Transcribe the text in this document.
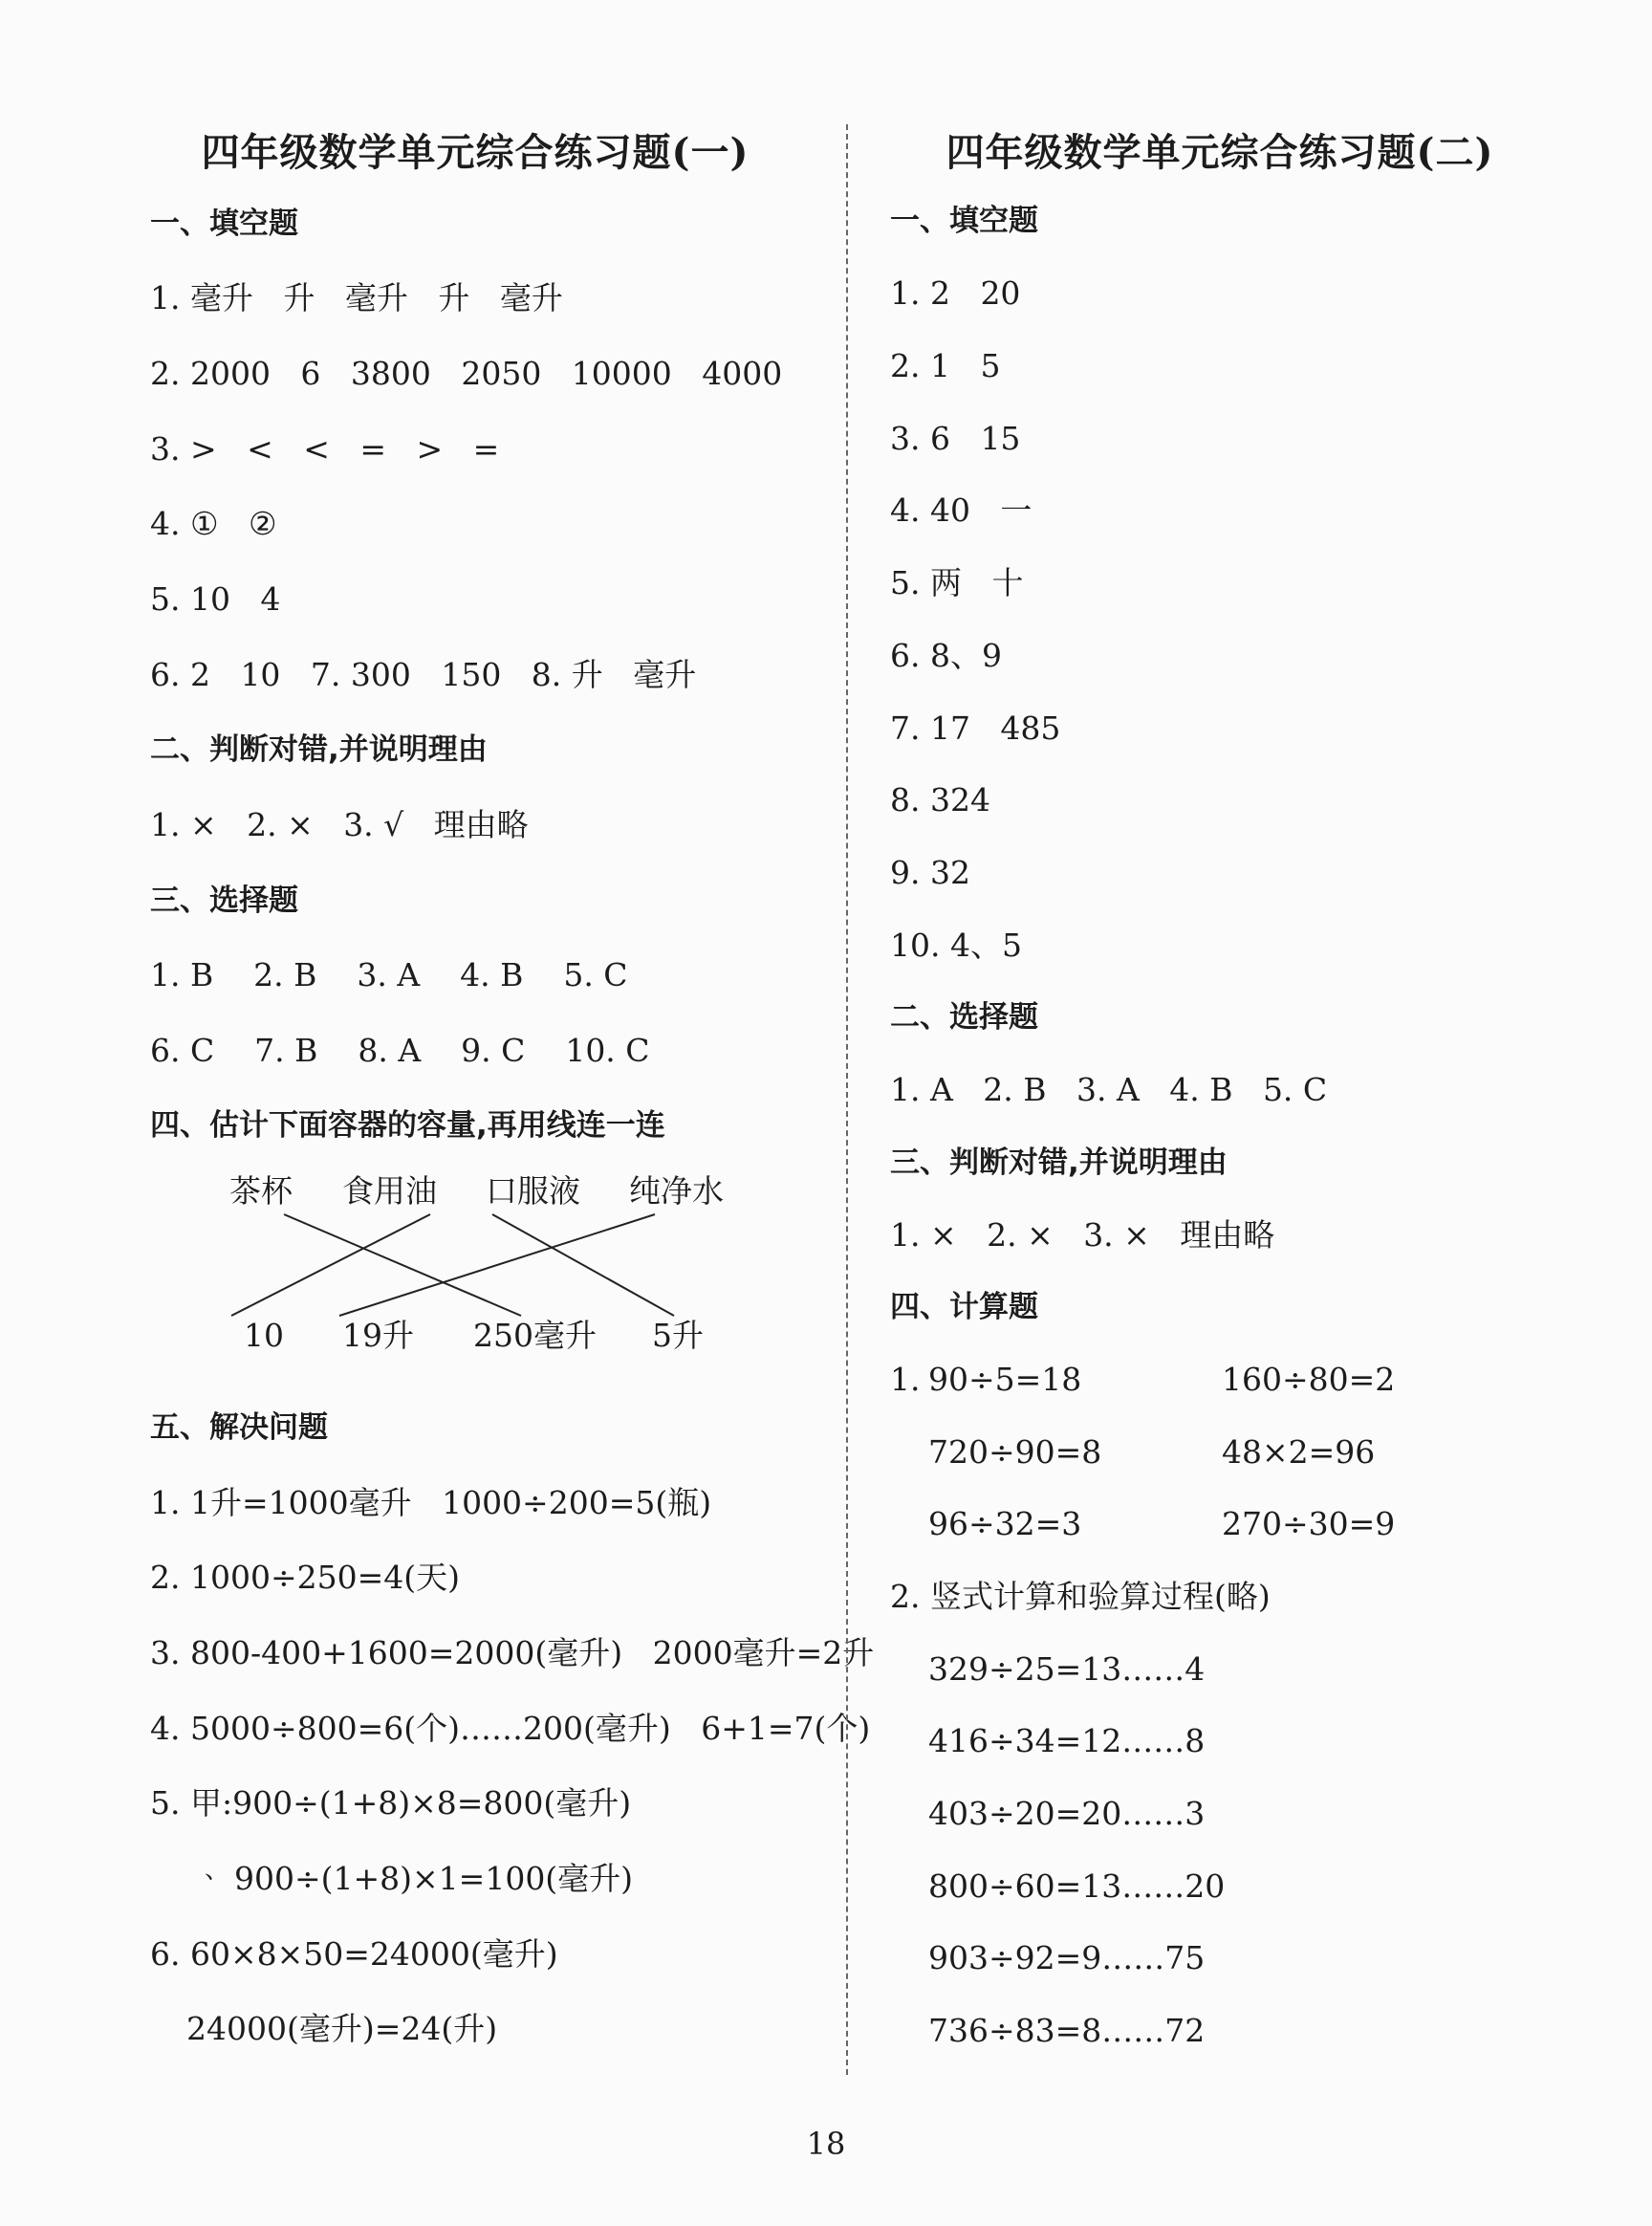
四年级数学单元综合练习题(一)
一、填空题
1. 毫升   升   毫升   升   毫升
2. 2000   6   3800   2050   10000   4000
3. >   <   <   =   >   =
4. ①   ②
5. 10   4
6. 2   10   7. 300   150   8. 升   毫升
二、判断对错,并说明理由
1. ×   2. ×   3. √   理由略
三、选择题
1. B    2. B    3. A    4. B    5. C
6. C    7. B    8. A    9. C    10. C
四、估计下面容器的容量,再用线连一连
五、解决问题
1. 1升=1000毫升   1000÷200=5(瓶)
2. 1000÷250=4(天)
3. 800-400+1600=2000(毫升)   2000毫升=2升
4. 5000÷800=6(个)……200(毫升)   6+1=7(个)
5. 甲:900÷(1+8)×8=800(毫升)
、 900÷(1+8)×1=100(毫升)
6. 60×8×50=24000(毫升)
24000(毫升)=24(升)
茶杯 食用油 口服液 纯净水
10 19升 250毫升 5升
四年级数学单元综合练习题(二)
一、填空题
1. 2   20
2. 1   5
3. 6   15
4. 40   一
5. 两   十
6. 8、9
7. 17   485
8. 324
9. 32
10. 4、5
二、选择题
1. A   2. B   3. A   4. B   5. C
三、判断对错,并说明理由
1. ×   2. ×   3. ×   理由略
四、计算题
1. 90÷5=18
720÷90=8
96÷32=3
160÷80=2
48×2=96
270÷30=9
2. 竖式计算和验算过程(略)
329÷25=13……4
416÷34=12……8
403÷20=20……3
800÷60=13……20
903÷92=9……75
736÷83=8……72
18
